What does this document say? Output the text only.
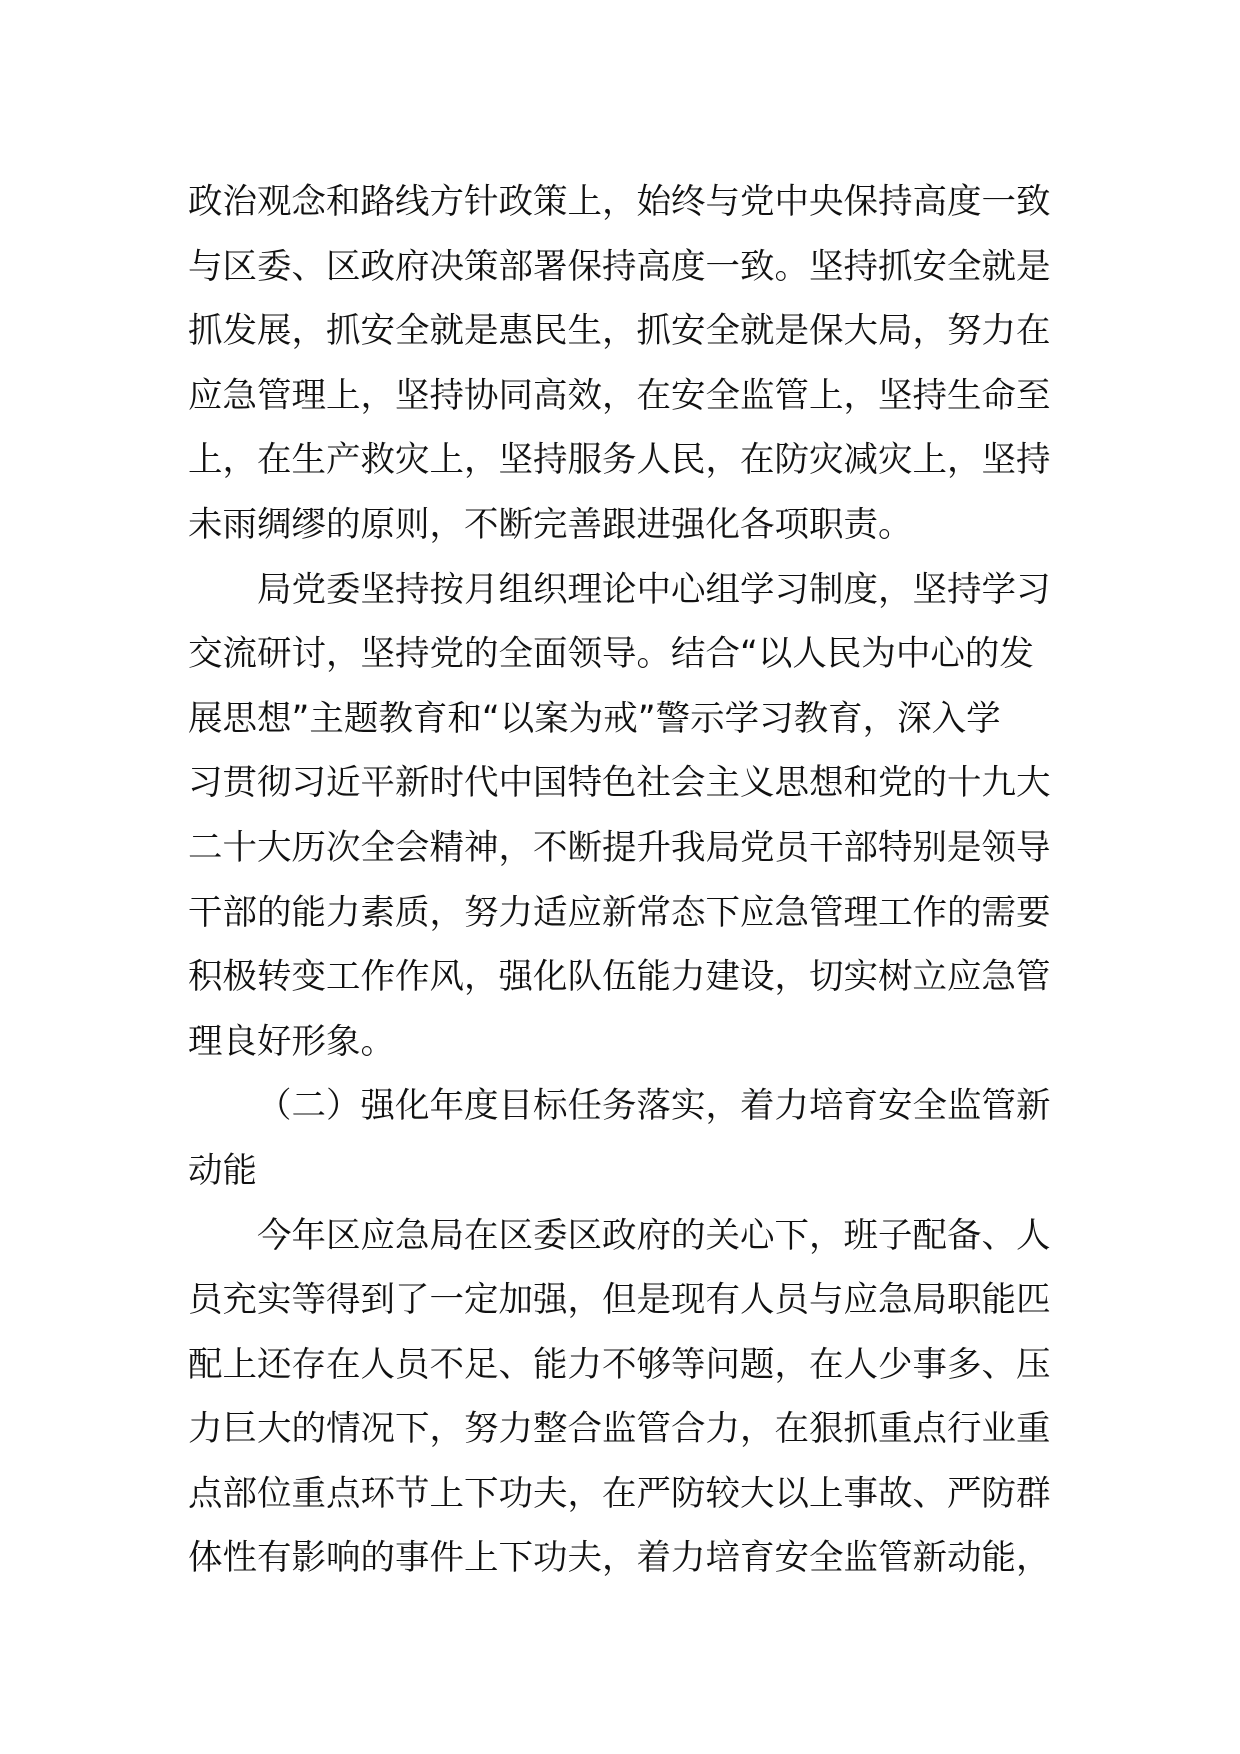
政治观念和路线方针政策上，始终与党中央保持高度一致
与区委、区政府决策部署保持高度一致。坚持抓安全就是
抓发展，抓安全就是惠民生，抓安全就是保大局，努力在
应急管理上，坚持协同高效，在安全监管上，坚持生命至
上，在生产救灾上，坚持服务人民，在防灾减灾上，坚持
未雨绸缪的原则，不断完善跟进强化各项职责。
局党委坚持按月组织理论中心组学习制度，坚持学习
交流研讨，坚持党的全面领导。结合“以人民为中心的发
展思想”主题教育和“以案为戒”警示学习教育，深入学
习贯彻习近平新时代中国特色社会主义思想和党的十九大
二十大历次全会精神，不断提升我局党员干部特别是领导
干部的能力素质，努力适应新常态下应急管理工作的需要
积极转变工作作风，强化队伍能力建设，切实树立应急管
理良好形象。
（二）强化年度目标任务落实，着力培育安全监管新
动能
今年区应急局在区委区政府的关心下，班子配备、人
员充实等得到了一定加强，但是现有人员与应急局职能匹
配上还存在人员不足、能力不够等问题，在人少事多、压
力巨大的情况下，努力整合监管合力，在狠抓重点行业重
点部位重点环节上下功夫，在严防较大以上事故、严防群
体性有影响的事件上下功夫，着力培育安全监管新动能，
